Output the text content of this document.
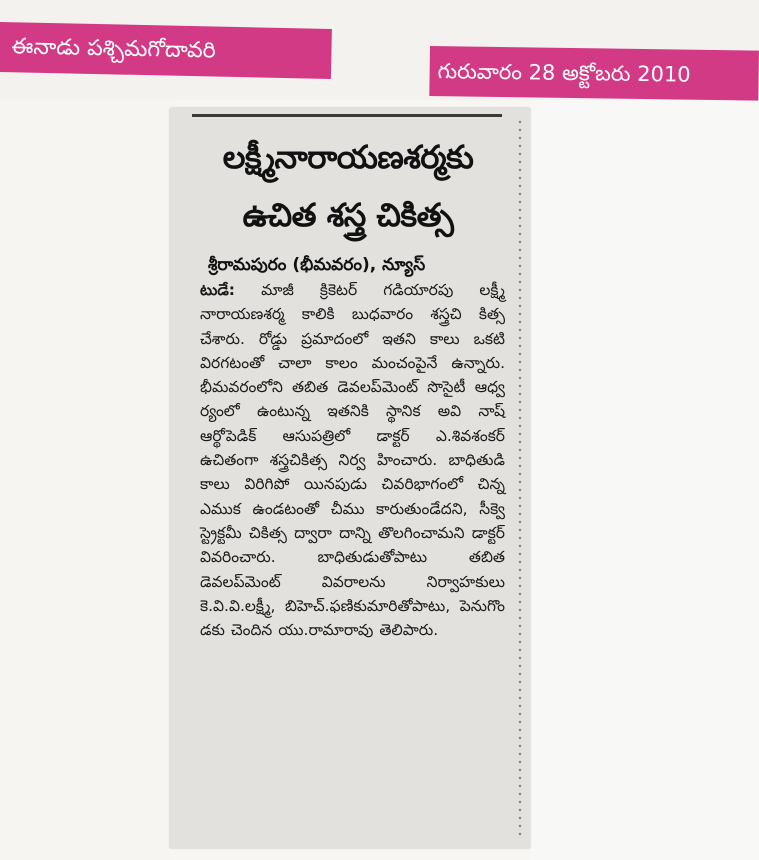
ఈనాడు పశ్చిమగోదావరి
గురువారం 28 అక్టోబరు 2010
లక్ష్మీనారాయణశర్మకు
ఉచిత శస్త్ర చికిత్స
శ్రీరామపురం (భీమవరం), న్యూస్
టుడే: మాజీ క్రికెటర్ గడియారపు లక్ష్మీ నారాయణశర్మ కాలికి బుధవారం శస్త్రచి కిత్స చేశారు. రోడ్డు ప్రమాదంలో ఇతని కాలు ఒకటి విరగటంతో చాలా కాలం మంచంపైనే ఉన్నారు. భీమవరంలోని తబిత డెవలప్‌మెంట్ సొసైటీ ఆధ్వ ర్యంలో ఉంటున్న ఇతనికి స్థానిక అవి నాష్ ఆర్థోపెడిక్ ఆసుపత్రిలో డాక్టర్ ఎ.శివశంకర్ ఉచితంగా శస్త్రచికిత్స నిర్వ హించారు. బాధితుడి కాలు విరిగిపో యినపుడు చివరిభాగంలో చిన్న ఎముక ఉండటంతో చీము కారుతుండేదని, సీక్వె స్ట్రెక్టమీ చికిత్స ద్వారా దాన్ని తొలగించామని డాక్టర్ వివరించారు. బాధితుడుతోపాటు తబిత డెవలప్‌మెంట్ వివరాలను నిర్వాహకులు కె.వి.వి.లక్ష్మీ, బిహెచ్.ఫణికుమారితోపాటు, పెనుగొం డకు చెందిన యు.రామారావు తెలిపారు.
